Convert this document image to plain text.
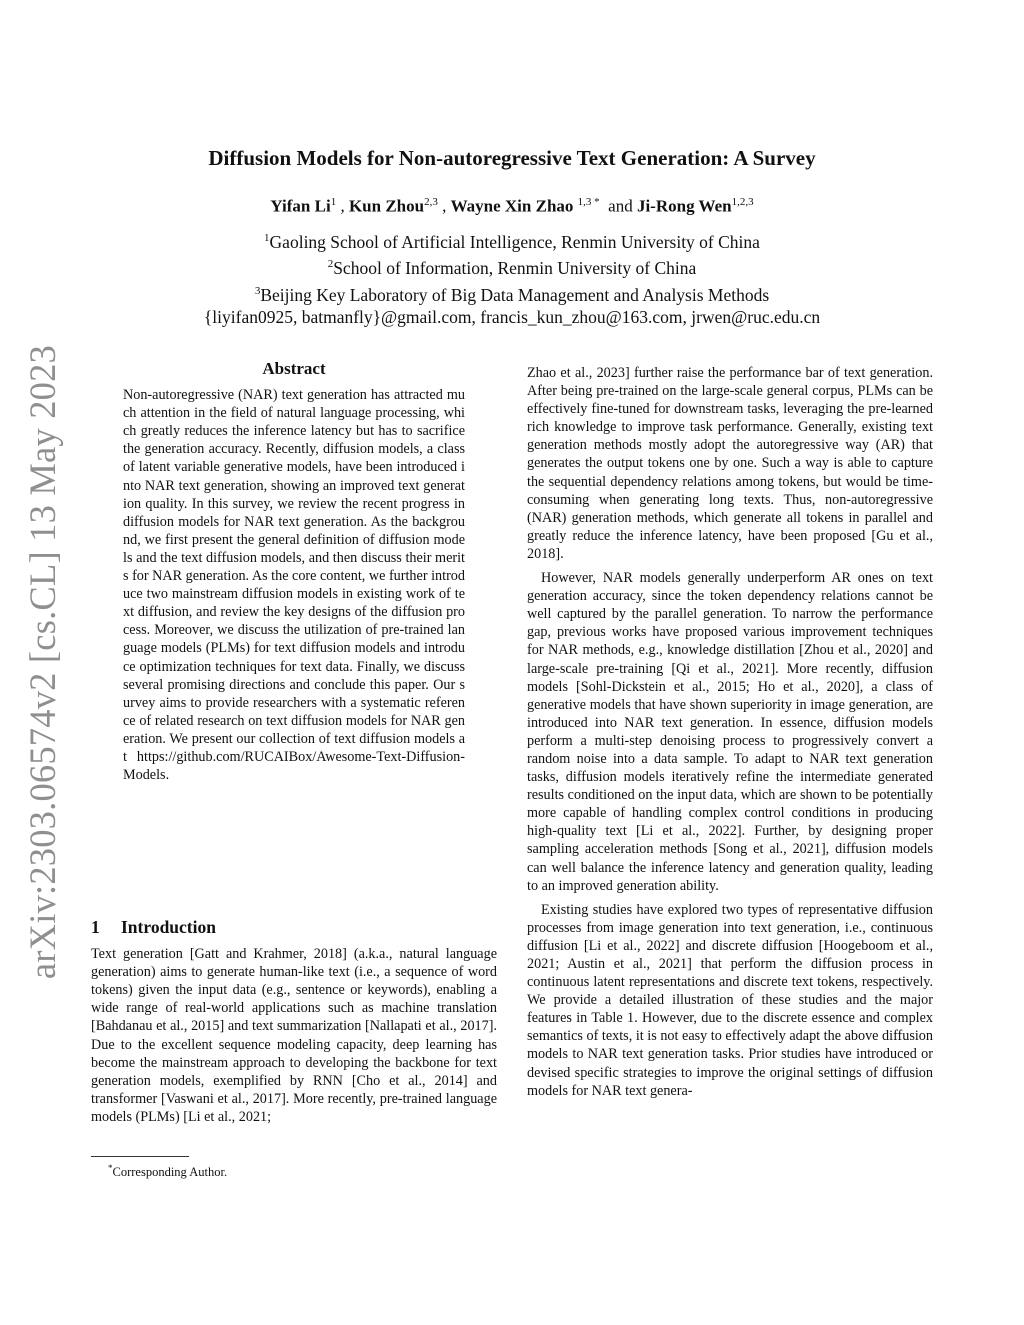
arXiv:2303.06574v2 [cs.CL] 13 May 2023
Diffusion Models for Non-autoregressive Text Generation: A Survey
Yifan Li$^1$ , Kun Zhou$^{2,3}$ , Wayne Xin Zhao $^{1,3 *}$ and Ji-Rong Wen$^{1,2,3}$
$^1$Gaoling School of Artificial Intelligence, Renmin University of China
$^2$School of Information, Renmin University of China
$^3$Beijing Key Laboratory of Big Data Management and Analysis Methods
{liyifan0925, batmanfly}@gmail.com, francis_kun_zhou@163.com, jrwen@ruc.edu.cn
Abstract

Non-autoregressive (NAR) text generation has attracted much attention in the field of natural language processing, which greatly reduces the inference latency but has to sacrifice the generation accuracy. Recently, diffusion models, a class of latent variable generative models, have been introduced into NAR text generation, showing an improved text generation quality. In this survey, we review the recent progress in diffusion models for NAR text generation. As the background, we first present the general definition of diffusion models and the text diffusion models, and then discuss their merits for NAR generation. As the core content, we further introduce two mainstream diffusion models in existing work of text diffusion, and review the key designs of the diffusion process. Moreover, we discuss the utilization of pre-trained language models (PLMs) for text diffusion models and introduce optimization techniques for text data. Finally, we discuss several promising directions and conclude this paper. Our survey aims to provide researchers with a systematic reference of related research on text diffusion models for NAR generation. We present our collection of text diffusion models at https://github.com/RUCAIBox/Awesome-Text-Diffusion-Models.

1 Introduction

Text generation [Gatt and Krahmer, 2018] (a.k.a., natural language generation) aims to generate human-like text (i.e., a sequence of word tokens) given the input data (e.g., sentence or keywords), enabling a wide range of real-world applications such as machine translation [Bahdanau et al., 2015] and text summarization [Nallapati et al., 2017]. Due to the excellent sequence modeling capacity, deep learning has become the mainstream approach to developing the backbone for text generation models, exemplified by RNN [Cho et al., 2014] and transformer [Vaswani et al., 2017]. More recently, pre-trained language models (PLMs) [Li et al., 2021;

Zhao et al., 2023] further raise the performance bar of text generation. After being pre-trained on the large-scale general corpus, PLMs can be effectively fine-tuned for downstream tasks, leveraging the pre-learned rich knowledge to improve task performance. Generally, existing text generation methods mostly adopt the autoregressive way (AR) that generates the output tokens one by one. Such a way is able to capture the sequential dependency relations among tokens, but would be time-consuming when generating long texts. Thus, non-autoregressive (NAR) generation methods, which generate all tokens in parallel and greatly reduce the inference latency, have been proposed [Gu et al., 2018].

However, NAR models generally underperform AR ones on text generation accuracy, since the token dependency relations cannot be well captured by the parallel generation. To narrow the performance gap, previous works have proposed various improvement techniques for NAR methods, e.g., knowledge distillation [Zhou et al., 2020] and large-scale pre-training [Qi et al., 2021]. More recently, diffusion models [Sohl-Dickstein et al., 2015; Ho et al., 2020], a class of generative models that have shown superiority in image generation, are introduced into NAR text generation. In essence, diffusion models perform a multi-step denoising process to progressively convert a random noise into a data sample. To adapt to NAR text generation tasks, diffusion models iteratively refine the intermediate generated results conditioned on the input data, which are shown to be potentially more capable of handling complex control conditions in producing high-quality text [Li et al., 2022]. Further, by designing proper sampling acceleration methods [Song et al., 2021], diffusion models can well balance the inference latency and generation quality, leading to an improved generation ability.

Existing studies have explored two types of representative diffusion processes from image generation into text generation, i.e., continuous diffusion [Li et al., 2022] and discrete diffusion [Hoogeboom et al., 2021; Austin et al., 2021] that perform the diffusion process in continuous latent representations and discrete text tokens, respectively. We provide a detailed illustration of these studies and the major features in Table 1. However, due to the discrete essence and complex semantics of texts, it is not easy to effectively adapt the above diffusion models to NAR text generation tasks. Prior studies have introduced or devised specific strategies to improve the original settings of diffusion models for NAR text genera-

*Corresponding Author.
